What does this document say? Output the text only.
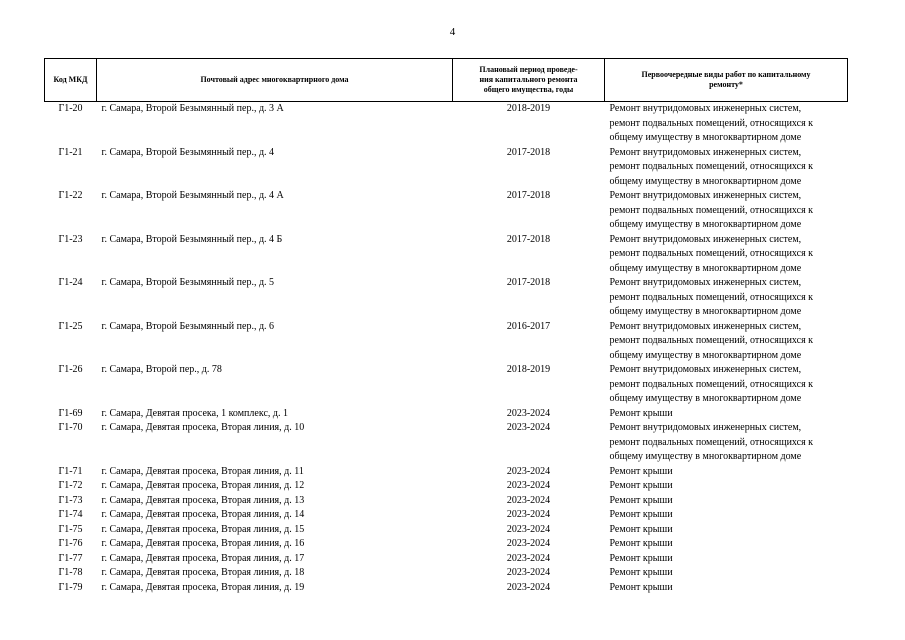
4
Код МКД	Почтовый адрес многоквартирного дома	Плановый период проведе-
ния капитального ремонта
общего имущества, годы	Первоочередные виды работ по капитальному
ремонту*

Г1-20	г. Самара, Второй Безымянный пер., д. 3 А	2018-2019	Ремонт внутридомовых инженерных систем,
ремонт подвальных помещений, относящихся к
общему имуществу в многоквартирном доме

Г1-21	г. Самара, Второй Безымянный пер., д. 4	2017-2018	Ремонт внутридомовых инженерных систем,
ремонт подвальных помещений, относящихся к
общему имуществу в многоквартирном доме

Г1-22	г. Самара, Второй Безымянный пер., д. 4 А	2017-2018	Ремонт внутридомовых инженерных систем,
ремонт подвальных помещений, относящихся к
общему имуществу в многоквартирном доме

Г1-23	г. Самара, Второй Безымянный пер., д. 4 Б	2017-2018	Ремонт внутридомовых инженерных систем,
ремонт подвальных помещений, относящихся к
общему имуществу в многоквартирном доме

Г1-24	г. Самара, Второй Безымянный пер., д. 5	2017-2018	Ремонт внутридомовых инженерных систем,
ремонт подвальных помещений, относящихся к
общему имуществу в многоквартирном доме

Г1-25	г. Самара, Второй Безымянный пер., д. 6	2016-2017	Ремонт внутридомовых инженерных систем,
ремонт подвальных помещений, относящихся к
общему имуществу в многоквартирном доме

Г1-26	г. Самара, Второй пер., д. 78	2018-2019	Ремонт внутридомовых инженерных систем,
ремонт подвальных помещений, относящихся к
общему имуществу в многоквартирном доме

Г1-69	г. Самара, Девятая просека, 1 комплекс, д. 1	2023-2024	Ремонт крыши

Г1-70	г. Самара, Девятая просека, Вторая линия, д. 10	2023-2024	Ремонт внутридомовых инженерных систем,
ремонт подвальных помещений, относящихся к
общему имуществу в многоквартирном доме

Г1-71	г. Самара, Девятая просека, Вторая линия, д. 11	2023-2024	Ремонт крыши

Г1-72	г. Самара, Девятая просека, Вторая линия, д. 12	2023-2024	Ремонт крыши

Г1-73	г. Самара, Девятая просека, Вторая линия, д. 13	2023-2024	Ремонт крыши

Г1-74	г. Самара, Девятая просека, Вторая линия, д. 14	2023-2024	Ремонт крыши

Г1-75	г. Самара, Девятая просека, Вторая линия, д. 15	2023-2024	Ремонт крыши

Г1-76	г. Самара, Девятая просека, Вторая линия, д. 16	2023-2024	Ремонт крыши

Г1-77	г. Самара, Девятая просека, Вторая линия, д. 17	2023-2024	Ремонт крыши

Г1-78	г. Самара, Девятая просека, Вторая линия, д. 18	2023-2024	Ремонт крыши

Г1-79	г. Самара, Девятая просека, Вторая линия, д. 19	2023-2024	Ремонт крыши
